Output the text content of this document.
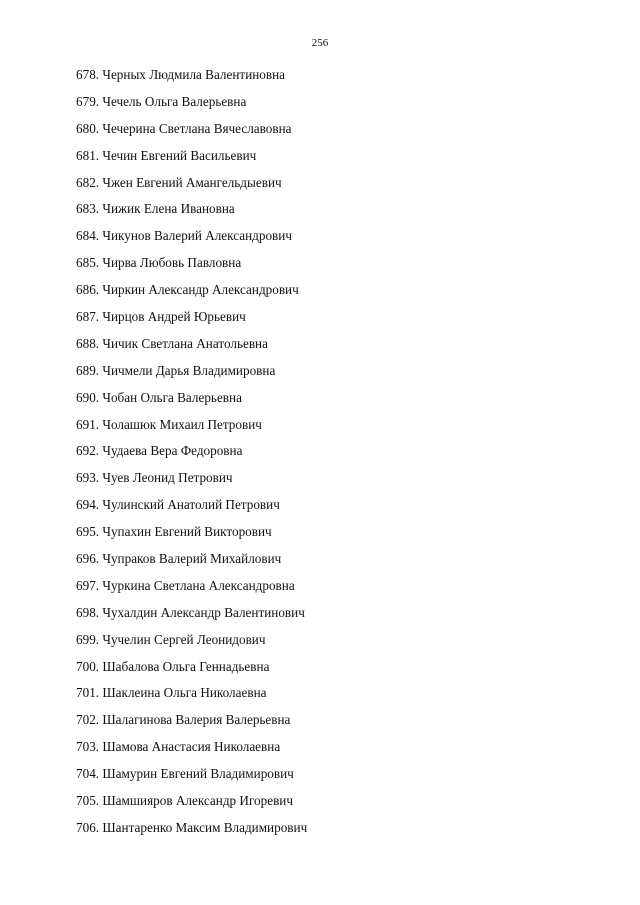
256
678. Черных Людмила Валентиновна
679. Чечель Ольга Валерьевна
680. Чечерина Светлана Вячеславовна
681. Чечин Евгений Васильевич
682. Чжен Евгений Амангельдыевич
683. Чижик Елена Ивановна
684. Чикунов Валерий Александрович
685. Чирва Любовь Павловна
686. Чиркин Александр Александрович
687. Чирцов Андрей Юрьевич
688. Чичик Светлана Анатольевна
689. Чичмели Дарья Владимировна
690. Чобан Ольга Валерьевна
691. Чолашюк Михаил Петрович
692. Чудаева Вера Федоровна
693. Чуев Леонид Петрович
694. Чулинский Анатолий Петрович
695. Чупахин Евгений Викторович
696. Чупраков Валерий Михайлович
697. Чуркина Светлана Александровна
698. Чухалдин Александр Валентинович
699. Чучелин Сергей Леонидович
700. Шабалова Ольга Геннадьевна
701. Шаклеина Ольга Николаевна
702. Шалагинова Валерия Валерьевна
703. Шамова Анастасия Николаевна
704. Шамурин Евгений Владимирович
705. Шамшияров Александр Игоревич
706. Шантаренко Максим Владимирович
